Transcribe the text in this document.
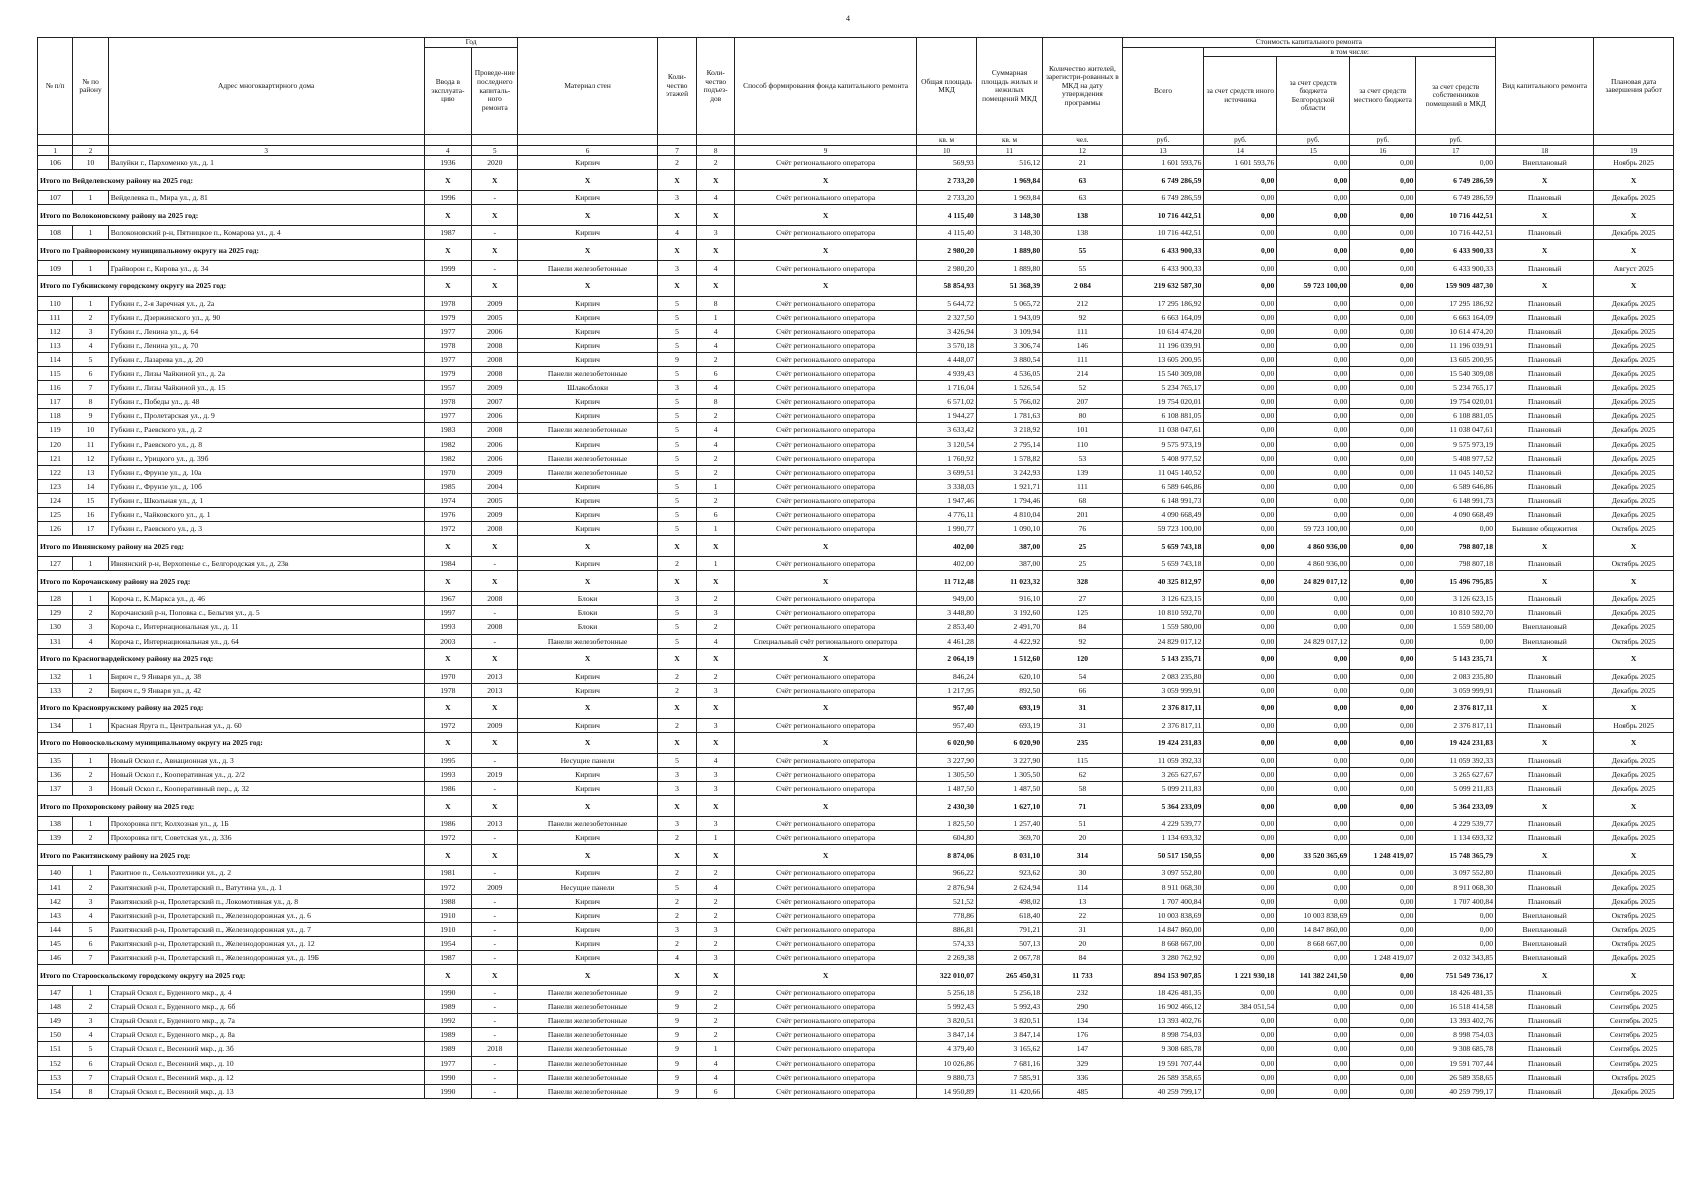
4
№ п/п	№ по району	Адрес многоквартирного дома	Год		Материал стен	Коли-чество этажей	Коли-чество подъез-дов	Способ формирования фонда капитального ремонта	Общая площадь МКД	Суммарная площадь жилых и нежилых помещений МКД	Количество жителей, зарегистри-рованных в МКД на дату утверждения программы	Стоимость капитального ремонта					Вид капитального ремонта	Плановая дата завершения работ
			Ввода в эксплуата-цию	Проведе-ние последнего капиталь-ного ремонта								Всего	в том числе:					
													за счет средств иного источника	за счет средств бюджета Белгородской области	за счет средств местного бюджета	за счет средств собственников помещений в МКД		
									кв. м	кв. м	чел.	руб.	руб.	руб.	руб.	руб.		
1	2	3	4	5	6	7	8	9	10	11	12	13	14	15	16	17	18	19
106	10	Валуйки г., Пархоменко ул., д. 1	1936	2020	Кирпич	2	2	Счёт регионального оператора	569,93	516,12	21	1 601 593,76	1 601 593,76	0,00	0,00	0,00	Внеплановый	Ноябрь 2025
Итого по Вейделевскому району на 2025 год:			X	X	X	X	X	X	2 733,20	1 969,84	63	6 749 286,59	0,00	0,00	0,00	6 749 286,59	X	X
107	1	Вейделевка п., Мира ул., д. 81	1996	-	Кирпич	3	4	Счёт регионального оператора	2 733,20	1 969,84	63	6 749 286,59	0,00	0,00	0,00	6 749 286,59	Плановый	Декабрь 2025
Итого по Волоконовскому району на 2025 год:			X	X	X	X	X	X	4 115,40	3 148,30	138	10 716 442,51	0,00	0,00	0,00	10 716 442,51	X	X
108	1	Волоконовский р-н, Пятницкое п., Комарова ул., д. 4	1987	-	Кирпич	4	3	Счёт регионального оператора	4 115,40	3 148,30	138	10 716 442,51	0,00	0,00	0,00	10 716 442,51	Плановый	Декабрь 2025
Итого по Грайворонскому муниципальному округу на 2025 год:			X	X	X	X	X	X	2 980,20	1 889,80	55	6 433 900,33	0,00	0,00	0,00	6 433 900,33	X	X
109	1	Грайворон г., Кирова ул., д. 34	1999	-	Панели железобетонные	3	4	Счёт регионального оператора	2 980,20	1 889,80	55	6 433 900,33	0,00	0,00	0,00	6 433 900,33	Плановый	Август 2025
Итого по Губкинскому городскому округу на 2025 год:			X	X	X	X	X	X	58 854,93	51 368,39	2 084	219 632 587,30	0,00	59 723 100,00	0,00	159 909 487,30	X	X
110	1	Губкин г., 2-я Заречная ул., д. 2а	1978	2009	Кирпич	5	8	Счёт регионального оператора	5 644,72	5 065,72	212	17 295 186,92	0,00	0,00	0,00	17 295 186,92	Плановый	Декабрь 2025
111	2	Губкин г., Дзержинского ул., д. 90	1979	2005	Кирпич	5	1	Счёт регионального оператора	2 327,50	1 943,09	92	6 663 164,09	0,00	0,00	0,00	6 663 164,09	Плановый	Декабрь 2025
112	3	Губкин г., Ленина ул., д. 64	1977	2006	Кирпич	5	4	Счёт регионального оператора	3 426,94	3 109,94	111	10 614 474,20	0,00	0,00	0,00	10 614 474,20	Плановый	Декабрь 2025
113	4	Губкин г., Ленина ул., д. 70	1978	2008	Кирпич	5	4	Счёт регионального оператора	3 570,18	3 306,74	146	11 196 039,91	0,00	0,00	0,00	11 196 039,91	Плановый	Декабрь 2025
114	5	Губкин г., Лазарева ул., д. 20	1977	2008	Кирпич	9	2	Счёт регионального оператора	4 448,07	3 880,54	111	13 605 200,95	0,00	0,00	0,00	13 605 200,95	Плановый	Декабрь 2025
115	6	Губкин г., Лизы Чайкиной ул., д. 2а	1979	2008	Панели железобетонные	5	6	Счёт регионального оператора	4 939,43	4 536,05	214	15 540 309,08	0,00	0,00	0,00	15 540 309,08	Плановый	Декабрь 2025
116	7	Губкин г., Лизы Чайкиной ул., д. 15	1957	2009	Шлакоблоки	3	4	Счёт регионального оператора	1 716,04	1 526,54	52	5 234 765,17	0,00	0,00	0,00	5 234 765,17	Плановый	Декабрь 2025
117	8	Губкин г., Победы ул., д. 48	1978	2007	Кирпич	5	8	Счёт регионального оператора	6 571,02	5 766,02	207	19 754 020,01	0,00	0,00	0,00	19 754 020,01	Плановый	Декабрь 2025
118	9	Губкин г., Пролетарская ул., д. 9	1977	2006	Кирпич	5	2	Счёт регионального оператора	1 944,27	1 781,63	80	6 108 881,05	0,00	0,00	0,00	6 108 881,05	Плановый	Декабрь 2025
119	10	Губкин г., Раевского ул., д. 2	1983	2008	Панели железобетонные	5	4	Счёт регионального оператора	3 633,42	3 218,92	101	11 038 047,61	0,00	0,00	0,00	11 038 047,61	Плановый	Декабрь 2025
120	11	Губкин г., Раевского ул., д. 8	1982	2006	Кирпич	5	4	Счёт регионального оператора	3 120,54	2 795,14	110	9 575 973,19	0,00	0,00	0,00	9 575 973,19	Плановый	Декабрь 2025
121	12	Губкин г., Урицкого ул., д. 39б	1982	2006	Панели железобетонные	5	2	Счёт регионального оператора	1 760,92	1 578,82	53	5 408 977,52	0,00	0,00	0,00	5 408 977,52	Плановый	Декабрь 2025
122	13	Губкин г., Фрунзе ул., д. 10а	1970	2009	Панели железобетонные	5	2	Счёт регионального оператора	3 699,51	3 242,93	139	11 045 140,52	0,00	0,00	0,00	11 045 140,52	Плановый	Декабрь 2025
123	14	Губкин г., Фрунзе ул., д. 10б	1985	2004	Кирпич	5	1	Счёт регионального оператора	3 338,03	1 921,71	111	6 589 646,86	0,00	0,00	0,00	6 589 646,86	Плановый	Декабрь 2025
124	15	Губкин г., Школьная ул., д. 1	1974	2005	Кирпич	5	2	Счёт регионального оператора	1 947,46	1 794,46	68	6 148 991,73	0,00	0,00	0,00	6 148 991,73	Плановый	Декабрь 2025
125	16	Губкин г., Чайковского ул., д. 1	1976	2009	Кирпич	5	6	Счёт регионального оператора	4 776,11	4 810,04	201	4 090 668,49	0,00	0,00	0,00	4 090 668,49	Плановый	Декабрь 2025
126	17	Губкин г., Раевского ул., д. 3	1972	2008	Кирпич	5	1	Счёт регионального оператора	1 990,77	1 090,10	76	59 723 100,00	0,00	59 723 100,00	0,00	0,00	Бывшие общежития	Октябрь 2025
Итого по Ивнянскому району на 2025 год:			X	X	X	X	X	X	402,00	387,00	25	5 659 743,18	0,00	4 860 936,00	0,00	798 807,18	X	X
127	1	Ивнянский р-н, Верхопенье с., Белгородская ул., д. 23в	1984	-	Кирпич	2	1	Счёт регионального оператора	402,00	387,00	25	5 659 743,18	0,00	4 860 936,00	0,00	798 807,18	Плановый	Октябрь 2025
Итого по Корочанскому району на 2025 год:			X	X	X	X	X	X	11 712,48	11 023,32	328	40 325 812,97	0,00	24 829 017,12	0,00	15 496 795,85	X	X
128	1	Короча г., К.Маркса ул., д. 46	1967	2008	Блоки	3	2	Счёт регионального оператора	949,00	916,10	27	3 126 623,15	0,00	0,00	0,00	3 126 623,15	Плановый	Декабрь 2025
129	2	Корочанский р-н, Поповка с., Бельгия ул., д. 5	1997	-	Блоки	5	3	Счёт регионального оператора	3 448,80	3 192,60	125	10 810 592,70	0,00	0,00	0,00	10 810 592,70	Плановый	Декабрь 2025
130	3	Короча г., Интернациональная ул., д. 11	1993	2008	Блоки	5	2	Счёт регионального оператора	2 853,40	2 491,70	84	1 559 580,00	0,00	0,00	0,00	1 559 580,00	Внеплановый	Декабрь 2025
131	4	Короча г., Интернациональная ул., д. 64	2003	-	Панели железобетонные	5	4	Специальный счёт регионального оператора	4 461,28	4 422,92	92	24 829 017,12	0,00	24 829 017,12	0,00	0,00	Внеплановый	Октябрь 2025
Итого по Красногвардейскому району на 2025 год:			X	X	X	X	X	X	2 064,19	1 512,60	120	5 143 235,71	0,00	0,00	0,00	5 143 235,71	X	X
132	1	Бирюч г., 9 Января ул., д. 38	1970	2013	Кирпич	2	2	Счёт регионального оператора	846,24	620,10	54	2 083 235,80	0,00	0,00	0,00	2 083 235,80	Плановый	Декабрь 2025
133	2	Бирюч г., 9 Января ул., д. 42	1978	2013	Кирпич	2	3	Счёт регионального оператора	1 217,95	892,50	66	3 059 999,91	0,00	0,00	0,00	3 059 999,91	Плановый	Декабрь 2025
Итого по Краснояружскому району на 2025 год:			X	X	X	X	X	X	957,40	693,19	31	2 376 817,11	0,00	0,00	0,00	2 376 817,11	X	X
134	1	Красная Яруга п., Центральная ул., д. 60	1972	2009	Кирпич	2	3	Счёт регионального оператора	957,40	693,19	31	2 376 817,11	0,00	0,00	0,00	2 376 817,11	Плановый	Ноябрь 2025
Итого по Новооскольскому муниципальному округу на 2025 год:			X	X	X	X	X	X	6 020,90	6 020,90	235	19 424 231,83	0,00	0,00	0,00	19 424 231,83	X	X
135	1	Новый Оскол г., Авиационная ул., д. 3	1995	-	Несущие панели	5	4	Счёт регионального оператора	3 227,90	3 227,90	115	11 059 392,33	0,00	0,00	0,00	11 059 392,33	Плановый	Декабрь 2025
136	2	Новый Оскол г., Кооперативная ул., д. 2/2	1993	2019	Кирпич	3	3	Счёт регионального оператора	1 305,50	1 305,50	62	3 265 627,67	0,00	0,00	0,00	3 265 627,67	Плановый	Декабрь 2025
137	3	Новый Оскол г., Кооперативный пер., д. 32	1986	-	Кирпич	3	3	Счёт регионального оператора	1 487,50	1 487,50	58	5 099 211,83	0,00	0,00	0,00	5 099 211,83	Плановый	Декабрь 2025
Итого по Прохоровскому району на 2025 год:			X	X	X	X	X	X	2 430,30	1 627,10	71	5 364 233,09	0,00	0,00	0,00	5 364 233,09	X	X
138	1	Прохоровка пгт, Колхозная ул., д. 1Б	1986	2013	Панели железобетонные	3	3	Счёт регионального оператора	1 825,50	1 257,40	51	4 229 539,77	0,00	0,00	0,00	4 229 539,77	Плановый	Декабрь 2025
139	2	Прохоровка пгт, Советская ул., д. 336	1972	-	Кирпич	2	1	Счёт регионального оператора	604,80	369,70	20	1 134 693,32	0,00	0,00	0,00	1 134 693,32	Плановый	Декабрь 2025
Итого по Ракитянскому району на 2025 год:			X	X	X	X	X	X	8 874,06	8 031,10	314	50 517 150,55	0,00	33 520 365,69	1 248 419,07	15 748 365,79	X	X
140	1	Ракитное п., Сельхозтехники ул., д. 2	1981	-	Кирпич	2	2	Счёт регионального оператора	966,22	923,62	30	3 097 552,80	0,00	0,00	0,00	3 097 552,80	Плановый	Декабрь 2025
141	2	Ракитянский р-н, Пролетарский п., Ватутина ул., д. 1	1972	2009	Несущие панели	5	4	Счёт регионального оператора	2 876,94	2 624,94	114	8 911 068,30	0,00	0,00	0,00	8 911 068,30	Плановый	Декабрь 2025
142	3	Ракитянский р-н, Пролетарский п., Локомотивная ул., д. 8	1988	-	Кирпич	2	2	Счёт регионального оператора	521,52	498,02	13	1 707 400,84	0,00	0,00	0,00	1 707 400,84	Плановый	Декабрь 2025
143	4	Ракитянский р-н, Пролетарский п., Железнодорожная ул., д. 6	1910	-	Кирпич	2	2	Счёт регионального оператора	778,86	618,40	22	10 003 838,69	0,00	10 003 838,69	0,00	0,00	Внеплановый	Октябрь 2025
144	5	Ракитянский р-н, Пролетарский п., Железнодорожная ул., д. 7	1910	-	Кирпич	3	3	Счёт регионального оператора	886,81	791,21	31	14 847 860,00	0,00	14 847 860,00	0,00	0,00	Внеплановый	Октябрь 2025
145	6	Ракитянский р-н, Пролетарский п., Железнодорожная ул., д. 12	1954	-	Кирпич	2	2	Счёт регионального оператора	574,33	507,13	20	8 668 667,00	0,00	8 668 667,00	0,00	0,00	Внеплановый	Октябрь 2025
146	7	Ракитянский р-н, Пролетарский п., Железнодорожная ул., д. 19Б	1987	-	Кирпич	4	3	Счёт регионального оператора	2 269,38	2 067,78	84	3 280 762,92	0,00	0,00	1 248 419,07	2 032 343,85	Внеплановый	Декабрь 2025
Итого по Старооскольскому городскому округу на 2025 год:			X	X	X	X	X	X	322 010,07	265 450,31	11 733	894 153 907,85	1 221 930,18	141 382 241,50	0,00	751 549 736,17	X	X
147	1	Старый Оскол г., Буденного мкр., д. 4	1990	-	Панели железобетонные	9	2	Счёт регионального оператора	5 256,18	5 256,18	232	18 426 481,35	0,00	0,00	0,00	18 426 481,35	Плановый	Сентябрь 2025
148	2	Старый Оскол г., Буденного мкр., д. 6б	1989	-	Панели железобетонные	9	2	Счёт регионального оператора	5 992,43	5 992,43	290	16 902 466,12	384 051,54	0,00	0,00	16 518 414,58	Плановый	Сентябрь 2025
149	3	Старый Оскол г., Буденного мкр., д. 7а	1992	-	Панели железобетонные	9	2	Счёт регионального оператора	3 820,51	3 820,51	134	13 393 402,76	0,00	0,00	0,00	13 393 402,76	Плановый	Сентябрь 2025
150	4	Старый Оскол г., Буденного мкр., д. 8а	1989	-	Панели железобетонные	9	2	Счёт регионального оператора	3 847,14	3 847,14	176	8 998 754,03	0,00	0,00	0,00	8 998 754,03	Плановый	Сентябрь 2025
151	5	Старый Оскол г., Весенний мкр., д. 3б	1989	2018	Панели железобетонные	9	1	Счёт регионального оператора	4 379,40	3 165,62	147	9 308 685,78	0,00	0,00	0,00	9 308 685,78	Плановый	Сентябрь 2025
152	6	Старый Оскол г., Весенний мкр., д. 10	1977	-	Панели железобетонные	9	4	Счёт регионального оператора	10 026,86	7 681,16	329	19 591 707,44	0,00	0,00	0,00	19 591 707,44	Плановый	Сентябрь 2025
153	7	Старый Оскол г., Весенний мкр., д. 12	1990	-	Панели железобетонные	9	4	Счёт регионального оператора	9 880,73	7 585,91	336	26 589 358,65	0,00	0,00	0,00	26 589 358,65	Плановый	Октябрь 2025
154	8	Старый Оскол г., Весенний мкр., д. 13	1990	-	Панели железобетонные	9	6	Счёт регионального оператора	14 950,89	11 420,66	485	40 259 799,17	0,00	0,00	0,00	40 259 799,17	Плановый	Декабрь 2025
